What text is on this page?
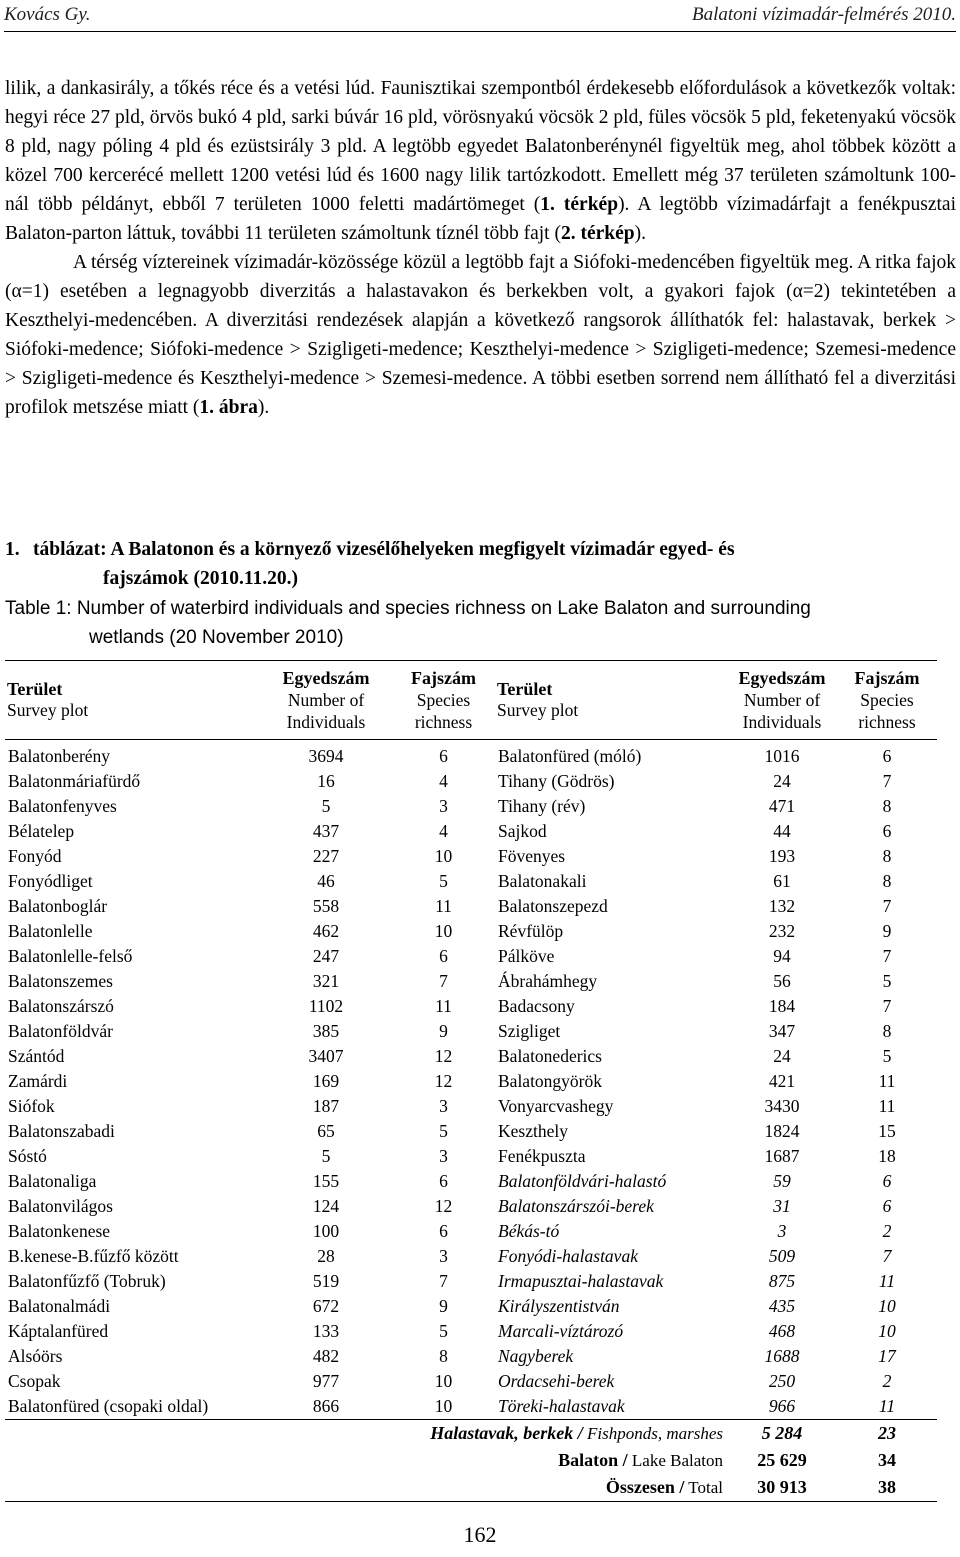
Kovács Gy.	Balatoni vízimadár-felmérés 2010.

lilik, a dankasirály, a tőkés réce és a vetési lúd. Faunisztikai szempontból érdekesebb előfordulások a következők voltak: hegyi réce 27 pld, örvös bukó 4 pld, sarki búvár 16 pld, vörösnyakú vöcsök 2 pld, füles vöcsök 5 pld, feketenyakú vöcsök 8 pld, nagy póling 4 pld és ezüstsirály 3 pld. A legtöbb egyedet Balatonberénynél figyeltük meg, ahol többek között a közel 700 kercerécé mellett 1200 vetési lúd és 1600 nagy lilik tartózkodott. Emellett még 37 területen számoltunk 100-nál több példányt, ebből 7 területen 1000 feletti madártömeget (1. térkép). A legtöbb vízimadárfajt a fenékpusztai Balaton-parton láttuk, további 11 területen számoltunk tíznél több fajt (2. térkép).

A térség víztereinek vízimadár-közössége közül a legtöbb fajt a Siófoki-medencében figyeltük meg. A ritka fajok (α=1) esetében a legnagyobb diverzitás a halastavakon és berkekben volt, a gyakori fajok (α=2) tekintetében a Keszthelyi-medencében. A diverzitási rendezések alapján a következő rangsorok állíthatók fel: halastavak, berkek > Siófoki-medence; Siófoki-medence > Szigligeti-medence; Keszthelyi-medence > Szigligeti-medence; Szemesi-medence > Szigligeti-medence és Keszthelyi-medence > Szemesi-medence. A többi esetben sorrend nem állítható fel a diverzitási profilok metszése miatt (1. ábra).

1. táblázat: A Balatonon és a környező vizesélőhelyeken megfigyelt vízimadár egyed- és
fajszámok (2010.11.20.)
Table 1: Number of waterbird individuals and species richness on Lake Balaton and surrounding
wetlands (20 November 2010)
Terület
Survey plot	Egyedszám
Number of
Individuals	Fajszám
Species
richness	Terület
Survey plot	Egyedszám
Number of
Individuals	Fajszám
Species
richness
Balatonberény	3694	6	Balatonfüred (móló)	1016	6
Balatonmáriafürdő	16	4	Tihany (Gödrös)	24	7
Balatonfenyves	5	3	Tihany (rév)	471	8
Bélatelep	437	4	Sajkod	44	6
Fonyód	227	10	Fövenyes	193	8
Fonyódliget	46	5	Balatonakali	61	8
Balatonboglár	558	11	Balatonszepezd	132	7
Balatonlelle	462	10	Révfülöp	232	9
Balatonlelle-felső	247	6	Pálköve	94	7
Balatonszemes	321	7	Ábrahámhegy	56	5
Balatonszárszó	1102	11	Badacsony	184	7
Balatonföldvár	385	9	Szigliget	347	8
Szántód	3407	12	Balatonederics	24	5
Zamárdi	169	12	Balatongyörök	421	11
Siófok	187	3	Vonyarcvashegy	3430	11
Balatonszabadi	65	5	Keszthely	1824	15
Sóstó	5	3	Fenékpuszta	1687	18
Balatonaliga	155	6	Balatonföldvári-halastó	59	6
Balatonvilágos	124	12	Balatonszárszói-berek	31	6
Balatonkenese	100	6	Békás-tó	3	2
B.kenese-B.fűzfő között	28	3	Fonyódi-halastavak	509	7
Balatonfűzfő (Tobruk)	519	7	Irmapusztai-halastavak	875	11
Balatonalmádi	672	9	Királyszentistván	435	10
Káptalanfüred	133	5	Marcali-víztározó	468	10
Alsóörs	482	8	Nagyberek	1688	17
Csopak	977	10	Ordacsehi-berek	250	2
Balatonfüred (csopaki oldal)	866	10	Töreki-halastavak	966	11
Halastavak, berkek / Fishponds, marshes	5 284	23
Balaton / Lake Balaton	25 629	34
Összesen / Total	30 913	38
162
